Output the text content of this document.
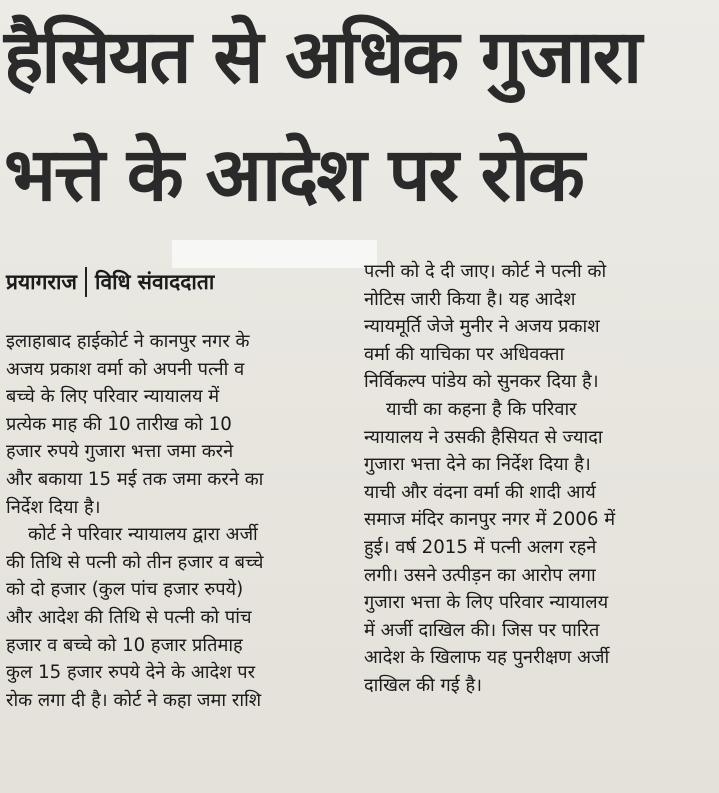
हैसियत से अधिक गुजारा
भत्ते के आदेश पर रोक
प्रयागराज विधि संवाददाता
इलाहाबाद हाईकोर्ट ने कानपुर नगर के
अजय प्रकाश वर्मा को अपनी पत्नी व
बच्चे के लिए परिवार न्यायालय में
प्रत्येक माह की 10 तारीख को 10
हजार रुपये गुजारा भत्ता जमा करने
और बकाया 15 मई तक जमा करने का
निर्देश दिया है।
कोर्ट ने परिवार न्यायालय द्वारा अर्जी
की तिथि से पत्नी को तीन हजार व बच्चे
को दो हजार (कुल पांच हजार रुपये)
और आदेश की तिथि से पत्नी को पांच
हजार व बच्चे को 10 हजार प्रतिमाह
कुल 15 हजार रुपये देने के आदेश पर
रोक लगा दी है। कोर्ट ने कहा जमा राशि
पत्नी को दे दी जाए। कोर्ट ने पत्नी को
नोटिस जारी किया है। यह आदेश
न्यायमूर्ति जेजे मुनीर ने अजय प्रकाश
वर्मा की याचिका पर अधिवक्ता
निर्विकल्प पांडेय को सुनकर दिया है।
याची का कहना है कि परिवार
न्यायालय ने उसकी हैसियत से ज्यादा
गुजारा भत्ता देने का निर्देश दिया है।
याची और वंदना वर्मा की शादी आर्य
समाज मंदिर कानपुर नगर में 2006 में
हुई। वर्ष 2015 में पत्नी अलग रहने
लगी। उसने उत्पीड़न का आरोप लगा
गुजारा भत्ता के लिए परिवार न्यायालय
में अर्जी दाखिल की। जिस पर पारित
आदेश के खिलाफ यह पुनरीक्षण अर्जी
दाखिल की गई है।
